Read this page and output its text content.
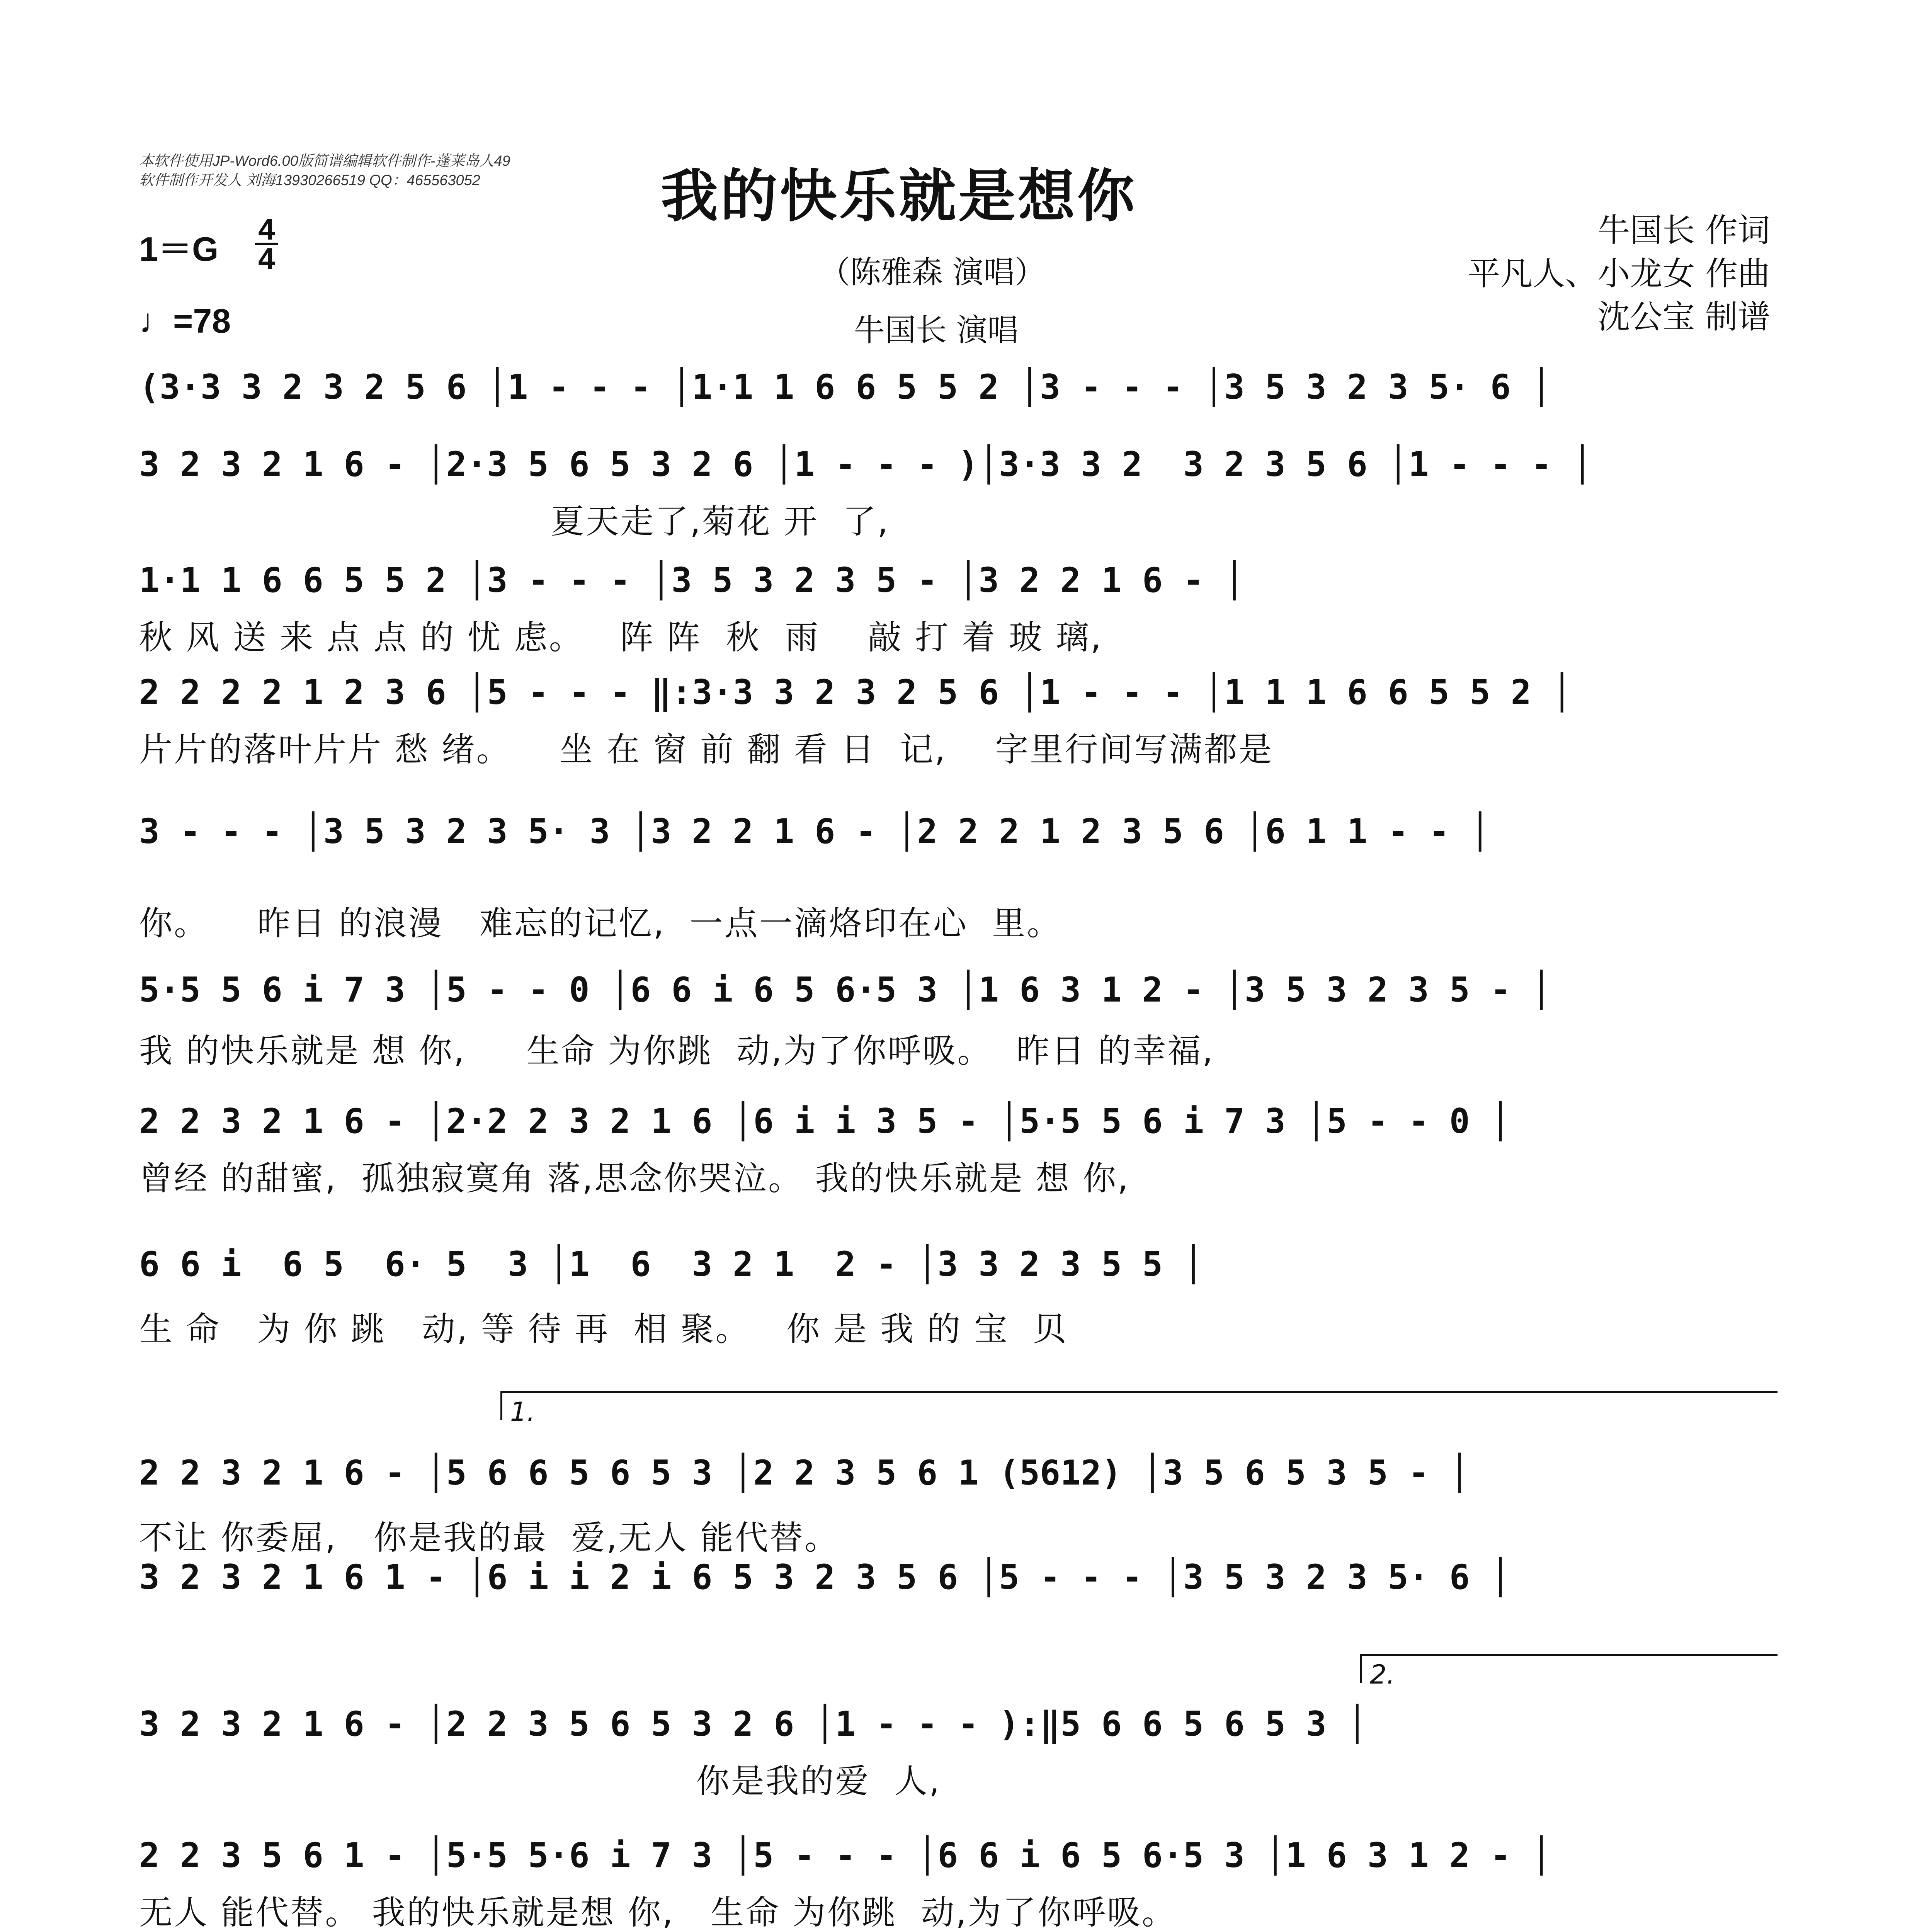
本软件使用JP-Word6.00版简谱编辑软件制作-蓬莱岛人49
软件制作开发人 刘海13930266519 QQ：465563052	我的快乐就是想你
（陈雅森 演唱）
牛国长 演唱
1＝G
4
4
♩=78
牛国长 作词
平凡人、小龙女 作曲
沈公宝 制谱
(3·3 3 2 3 2 5 6 │1 - - - │1·1 1 6 6 5 5 2 │3 - - - │3 5 3 2 3 5· 6 │
3 2 3 2 1 6 - │2·3 5 6 5 3 2 6 │1 - - - )│3·3 3 2  3 2 3 5 6 │1 - - - │
夏天走了,菊花 开  了,
1·1 1 6 6 5 5 2 │3 - - - │3 5 3 2 3 5 - │3 2 2 1 6 - │
秋 风 送 来 点 点 的 忧 虑。   阵 阵  秋  雨    敲 打 着 玻 璃,
2 2 2 2 1 2 3 6 │5 - - - ‖:3·3 3 2 3 2 5 6 │1 - - - │1 1 1 6 6 5 5 2 │
片片的落叶片片 愁 绪。    坐 在 窗 前 翻 看 日  记,    字里行间写满都是
3 - - - │3 5 3 2 3 5· 3 │3 2 2 1 6 - │2 2 2 1 2 3 5 6 │6 1 1 - - │
你。    昨日 的浪漫   难忘的记忆,  一点一滴烙印在心  里。
5·5 5 6 i 7 3 │5 - - 0 │6 6 i 6 5 6·5 3 │1 6 3 1 2 - │3 5 3 2 3 5 - │
我 的快乐就是 想 你,     生命 为你跳  动,为了你呼吸。  昨日 的幸福,
2 2 3 2 1 6 - │2·2 2 3 2 1 6 │6 i i 3 5 - │5·5 5 6 i 7 3 │5 - - 0 │
曾经 的甜蜜,  孤独寂寞角 落,思念你哭泣。 我的快乐就是 想 你,
6 6 i  6 5  6· 5  3 │1  6  3 2 1  2 - │3 3 2 3 5 5 │
生 命   为 你 跳   动, 等 待 再  相 聚。   你 是 我 的 宝  贝
1.
2 2 3 2 1 6 - │5 6 6 5 6 5 3 │2 2 3 5 6 1 (5612) │3 5 6 5 3 5 - │
不让 你委屈,   你是我的最  爱,无人 能代替。
3 2 3 2 1 6 1 - │6 i i 2 i 6 5 3 2 3 5 6 │5 - - - │3 5 3 2 3 5· 6 │
2.
3 2 3 2 1 6 - │2 2 3 5 6 5 3 2 6 │1 - - - ):‖5 6 6 5 6 5 3 │
你是我的爱  人,
2 2 3 5 6 1 - │5·5 5·6 i 7 3 │5 - - - │6 6 i 6 5 6·5 3 │1 6 3 1 2 - │
无人 能代替。 我的快乐就是想 你,   生命 为你跳  动,为了你呼吸。
